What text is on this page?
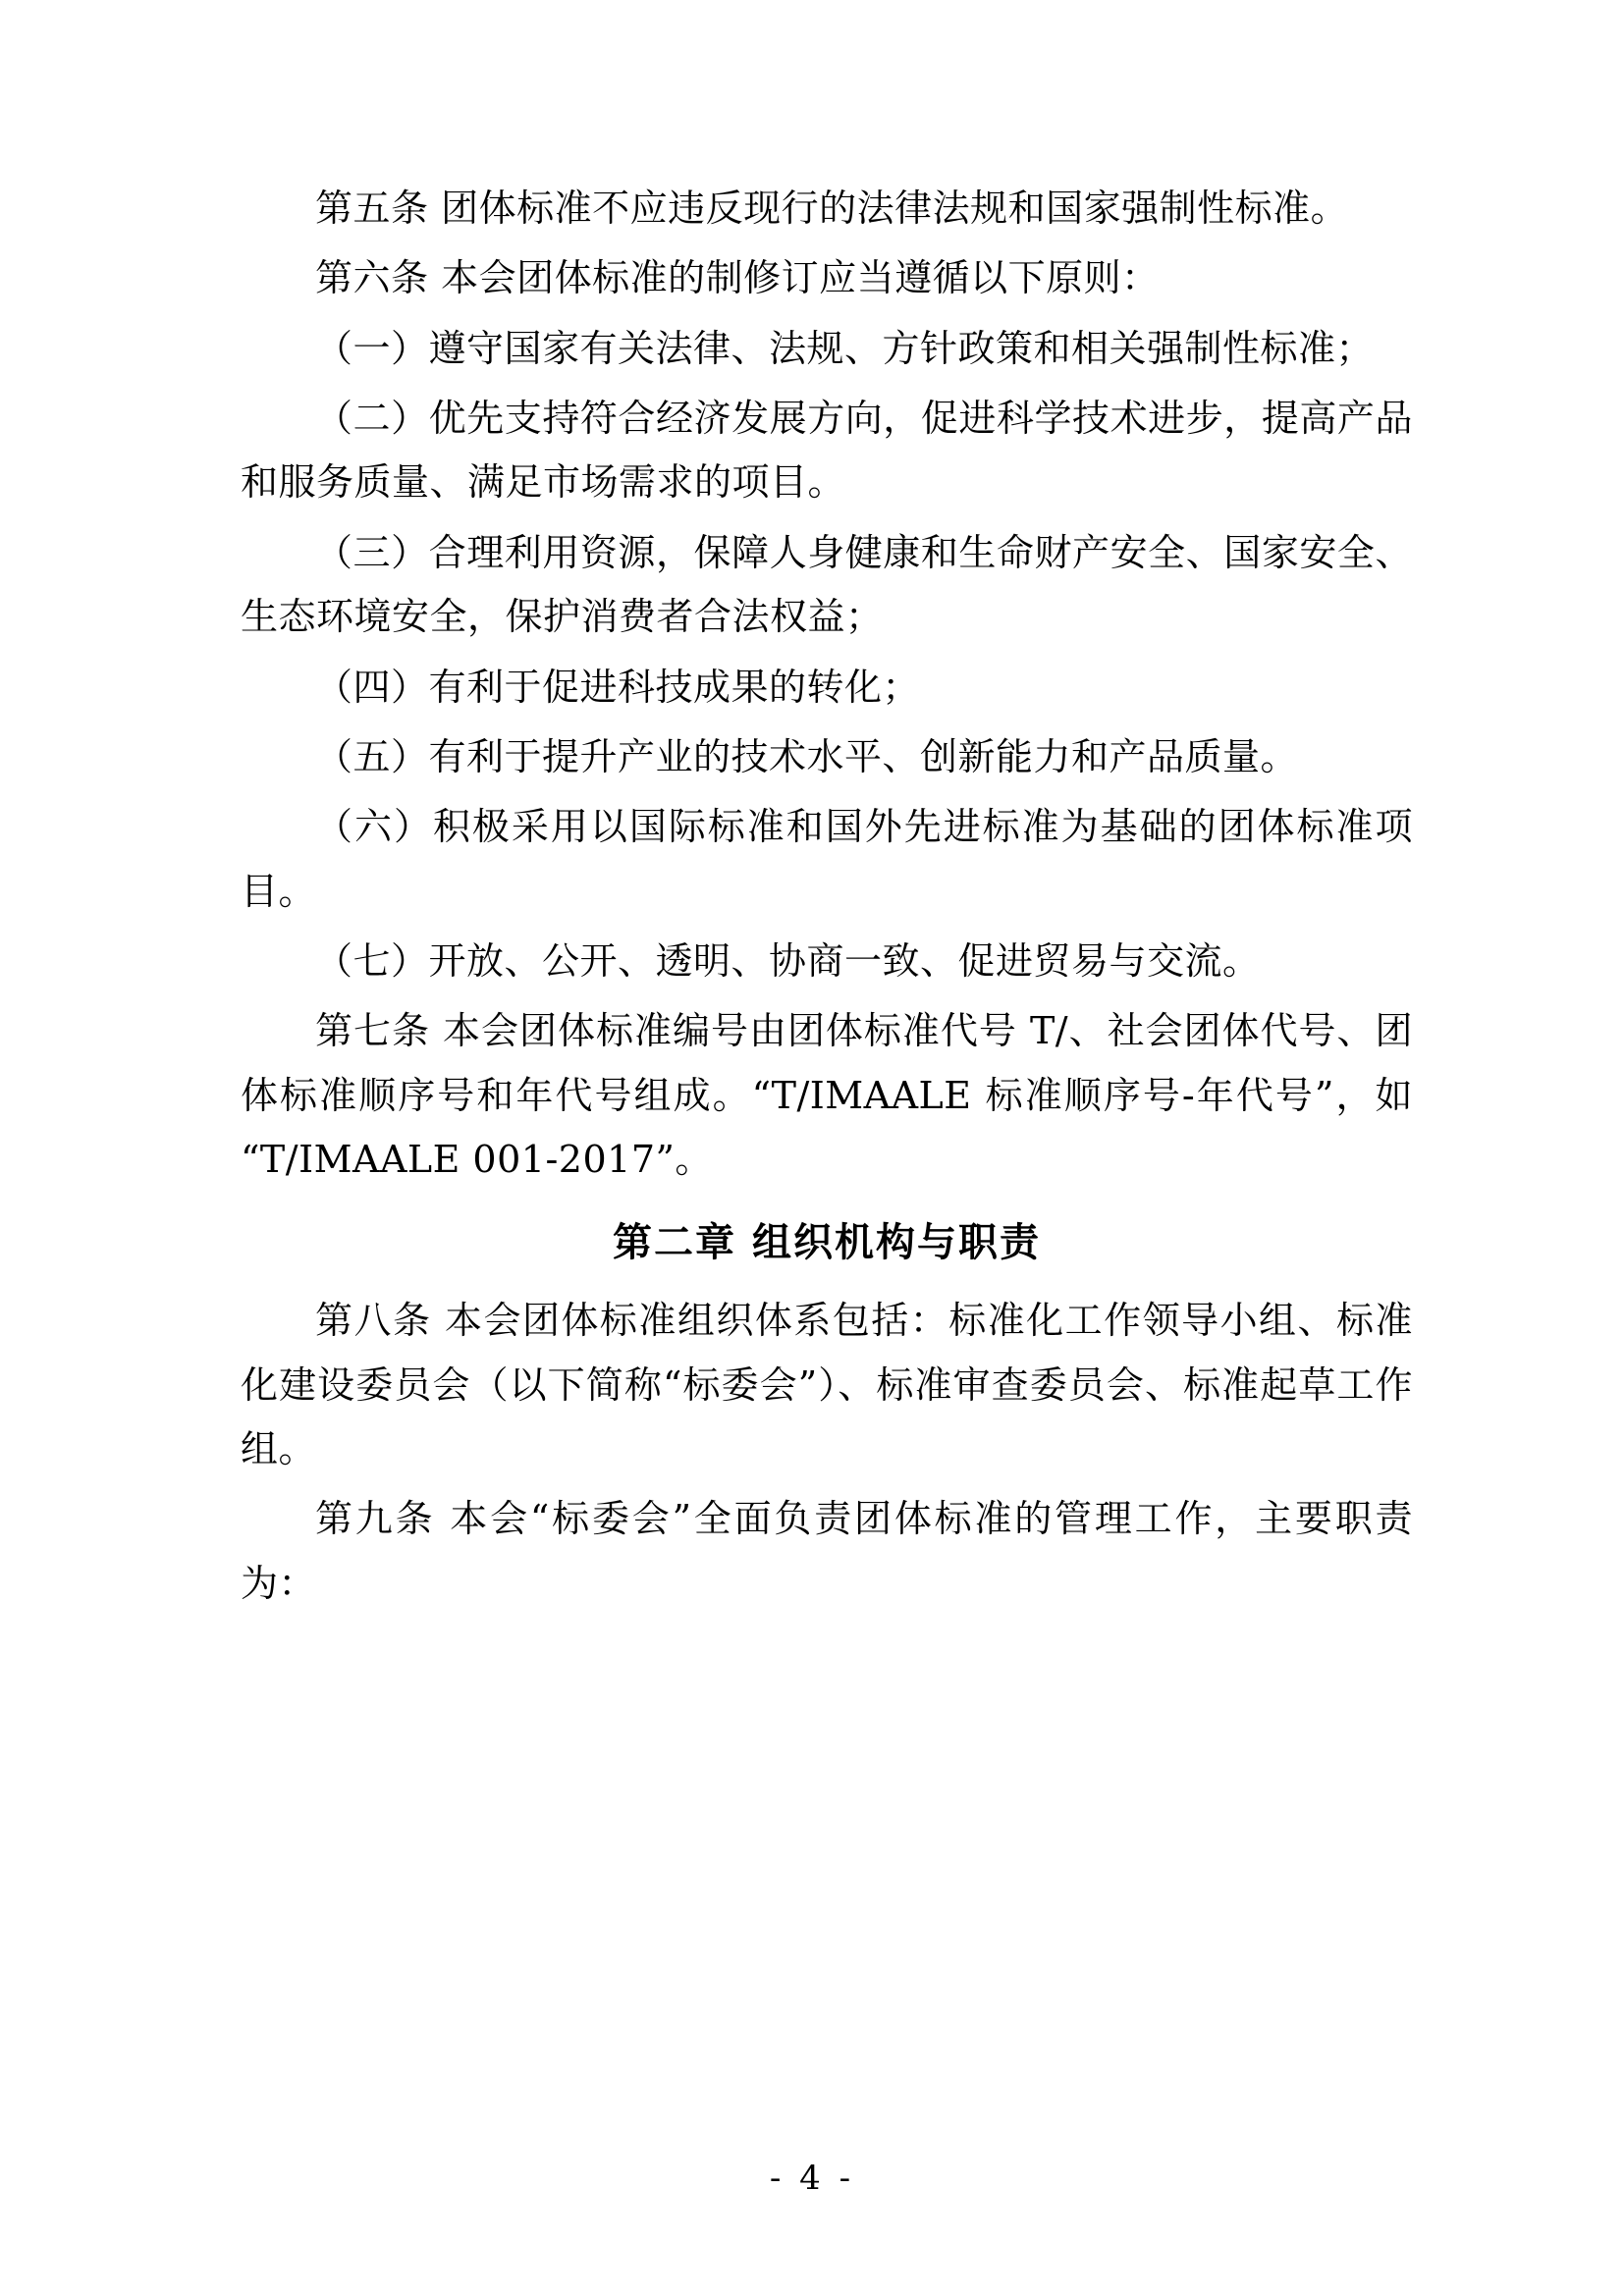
第五条 团体标准不应违反现行的法律法规和国家强制性标准。

第六条 本会团体标准的制修订应当遵循以下原则：

（一）遵守国家有关法律、法规、方针政策和相关强制性标准；

（二）优先支持符合经济发展方向，促进科学技术进步，提高产品和服务质量、满足市场需求的项目。

（三）合理利用资源，保障人身健康和生命财产安全、国家安全、生态环境安全，保护消费者合法权益；

（四）有利于促进科技成果的转化；

（五）有利于提升产业的技术水平、创新能力和产品质量。

（六）积极采用以国际标准和国外先进标准为基础的团体标准项目。

（七）开放、公开、透明、协商一致、促进贸易与交流。

第七条 本会团体标准编号由团体标准代号 T/、社会团体代号、团体标准顺序号和年代号组成。“T/IMAALE 标准顺序号-年代号”，如“T/IMAALE 001-2017”。

第二章 组织机构与职责

第八条 本会团体标准组织体系包括：标准化工作领导小组、标准化建设委员会（以下简称“标委会”）、标准审查委员会、标准起草工作组。

第九条 本会“标委会”全面负责团体标准的管理工作，主要职责为：

- 4 -
